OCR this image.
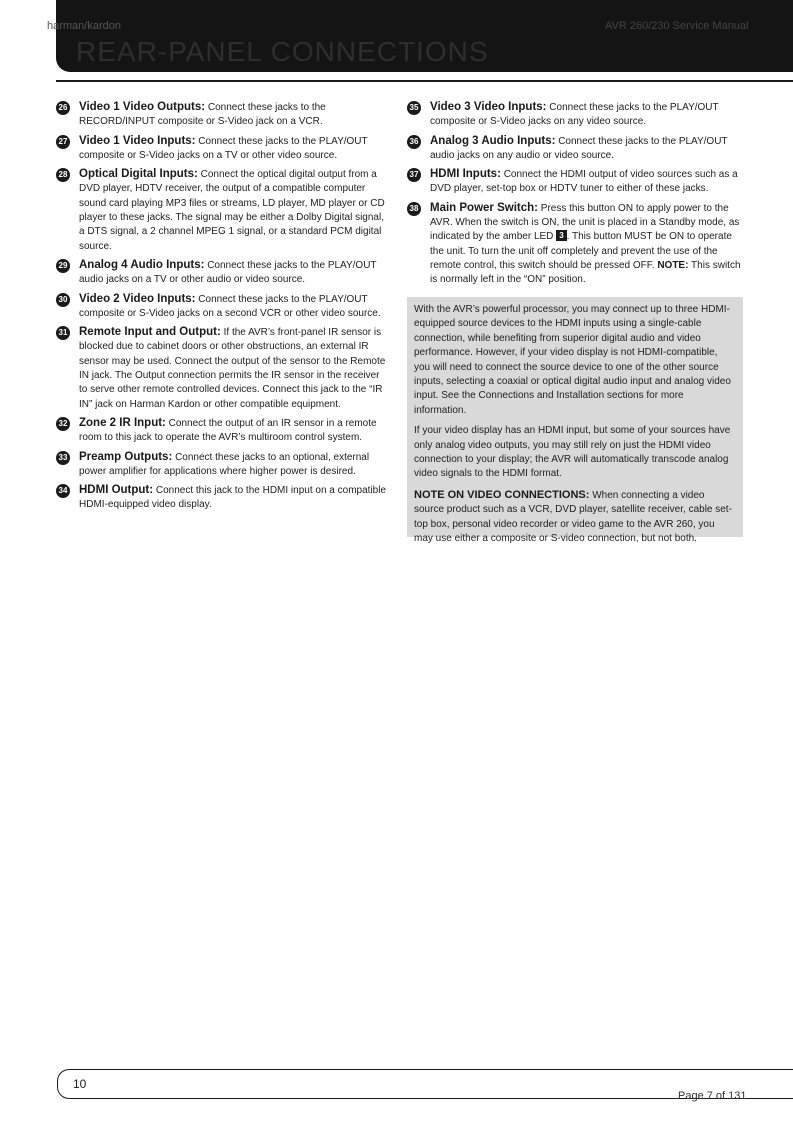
harman/kardon	AVR 260/230 Service Manual
REAR-PANEL CONNECTIONS
26 Video 1 Video Outputs: Connect these jacks to the RECORD/INPUT composite or S-Video jack on a VCR.
27 Video 1 Video Inputs: Connect these jacks to the PLAY/OUT composite or S-Video jacks on a TV or other video source.
28 Optical Digital Inputs: Connect the optical digital output from a DVD player, HDTV receiver, the output of a compatible computer sound card playing MP3 files or streams, LD player, MD player or CD player to these jacks. The signal may be either a Dolby Digital signal, a DTS signal, a 2 channel MPEG 1 signal, or a standard PCM digital source.
29 Analog 4 Audio Inputs: Connect these jacks to the PLAY/OUT audio jacks on a TV or other audio or video source.
30 Video 2 Video Inputs: Connect these jacks to the PLAY/OUT composite or S-Video jacks on a second VCR or other video source.
31 Remote Input and Output: If the AVR’s front-panel IR sensor is blocked due to cabinet doors or other obstructions, an external IR sensor may be used. Connect the output of the sensor to the Remote IN jack. The Output connection permits the IR sensor in the receiver to serve other remote controlled devices. Connect this jack to the “IR IN” jack on Harman Kardon or other compatible equipment.
32 Zone 2 IR Input: Connect the output of an IR sensor in a remote room to this jack to operate the AVR’s multiroom control system.
33 Preamp Outputs: Connect these jacks to an optional, external power amplifier for applications where higher power is desired.
34 HDMI Output: Connect this jack to the HDMI input on a compatible HDMI-equipped video display.
35 Video 3 Video Inputs: Connect these jacks to the PLAY/OUT composite or S-Video jacks on any video source.
36 Analog 3 Audio Inputs: Connect these jacks to the PLAY/OUT audio jacks on any audio or video source.
37 HDMI Inputs: Connect the HDMI output of video sources such as a DVD player, set-top box or HDTV tuner to either of these jacks.
38 Main Power Switch: Press this button ON to apply power to the AVR. When the switch is ON, the unit is placed in a Standby mode, as indicated by the amber LED 3 . This button MUST be ON to operate the unit. To turn the unit off completely and prevent the use of the remote control, this switch should be pressed OFF. NOTE: This switch is normally left in the “ON” position.

With the AVR’s powerful processor, you may connect up to three HDMI-equipped source devices to the HDMI inputs using a single-cable connection, while benefiting from superior digital audio and video performance. However, if your video display is not HDMI-compatible, you will need to connect the source device to one of the other source inputs, selecting a coaxial or optical digital audio input and analog video input. See the Connections and Installation sections for more information.

If your video display has an HDMI input, but some of your sources have only analog video outputs, you may still rely on just the HDMI video connection to your display; the AVR will automatically transcode analog video signals to the HDMI format.

NOTE ON VIDEO CONNECTIONS: When connecting a video source product such as a VCR, DVD player, satellite receiver, cable set-top box, personal video recorder or video game to the AVR 260, you may use either a composite or S-video connection, but not both.

10
Page 7 of 131
